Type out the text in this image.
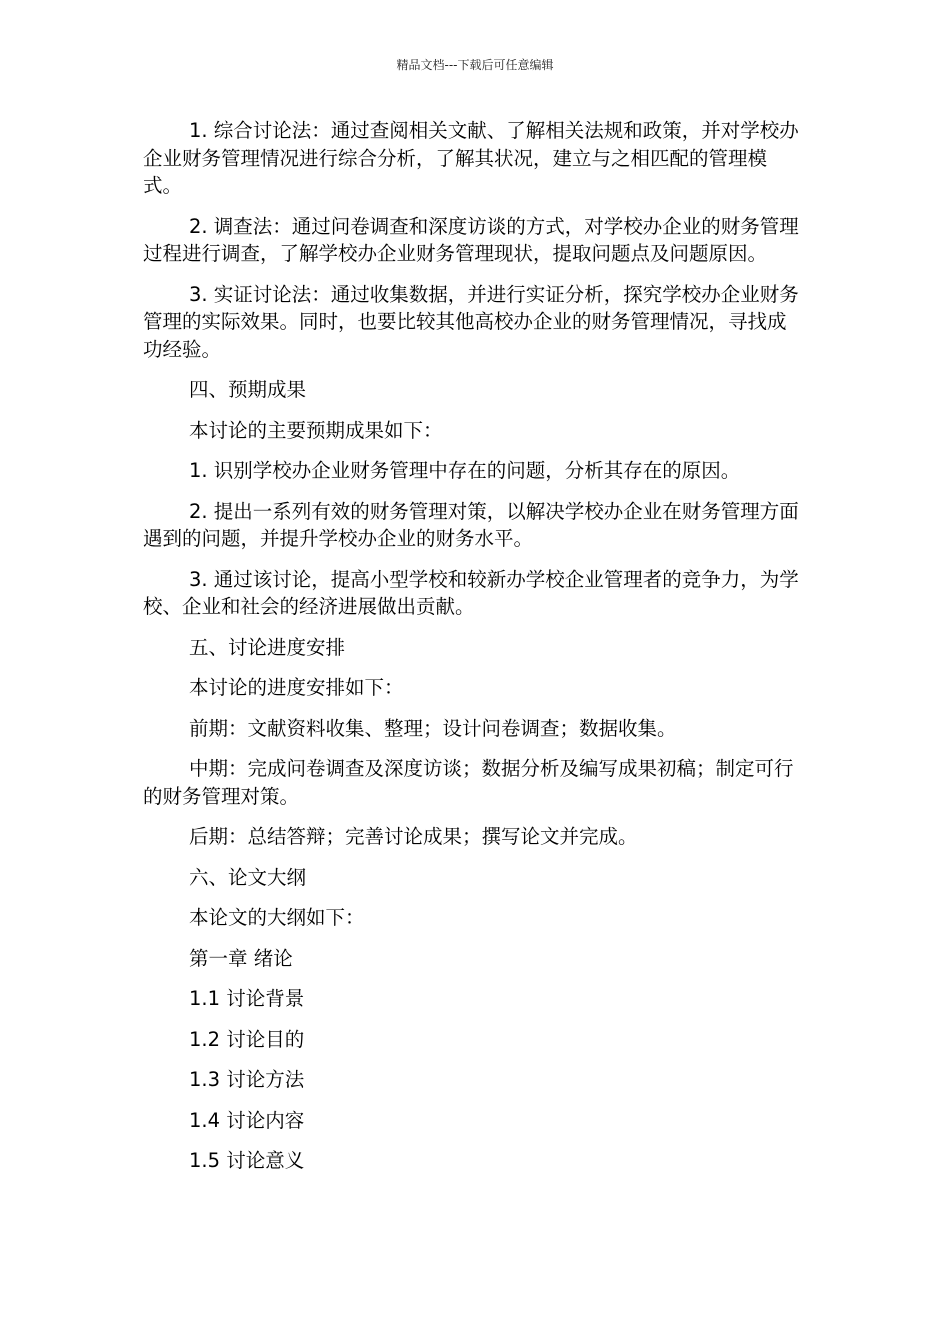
精品文档---下载后可任意编辑

1. 综合讨论法：通过查阅相关文献、了解相关法规和政策，并对学校办企业财务管理情况进行综合分析，了解其状况，建立与之相匹配的管理模式。

2. 调查法：通过问卷调查和深度访谈的方式，对学校办企业的财务管理过程进行调查，了解学校办企业财务管理现状，提取问题点及问题原因。

3. 实证讨论法：通过收集数据，并进行实证分析，探究学校办企业财务管理的实际效果。同时，也要比较其他高校办企业的财务管理情况，寻找成功经验。

四、预期成果

本讨论的主要预期成果如下：

1. 识别学校办企业财务管理中存在的问题，分析其存在的原因。

2. 提出一系列有效的财务管理对策，以解决学校办企业在财务管理方面遇到的问题，并提升学校办企业的财务水平。

3. 通过该讨论，提高小型学校和较新办学校企业管理者的竞争力，为学校、企业和社会的经济进展做出贡献。

五、讨论进度安排

本讨论的进度安排如下：

前期：文献资料收集、整理；设计问卷调查；数据收集。

中期：完成问卷调查及深度访谈；数据分析及编写成果初稿；制定可行的财务管理对策。

后期：总结答辩；完善讨论成果；撰写论文并完成。

六、论文大纲

本论文的大纲如下：

第一章 绪论

1.1 讨论背景

1.2 讨论目的

1.3 讨论方法

1.4 讨论内容

1.5 讨论意义
